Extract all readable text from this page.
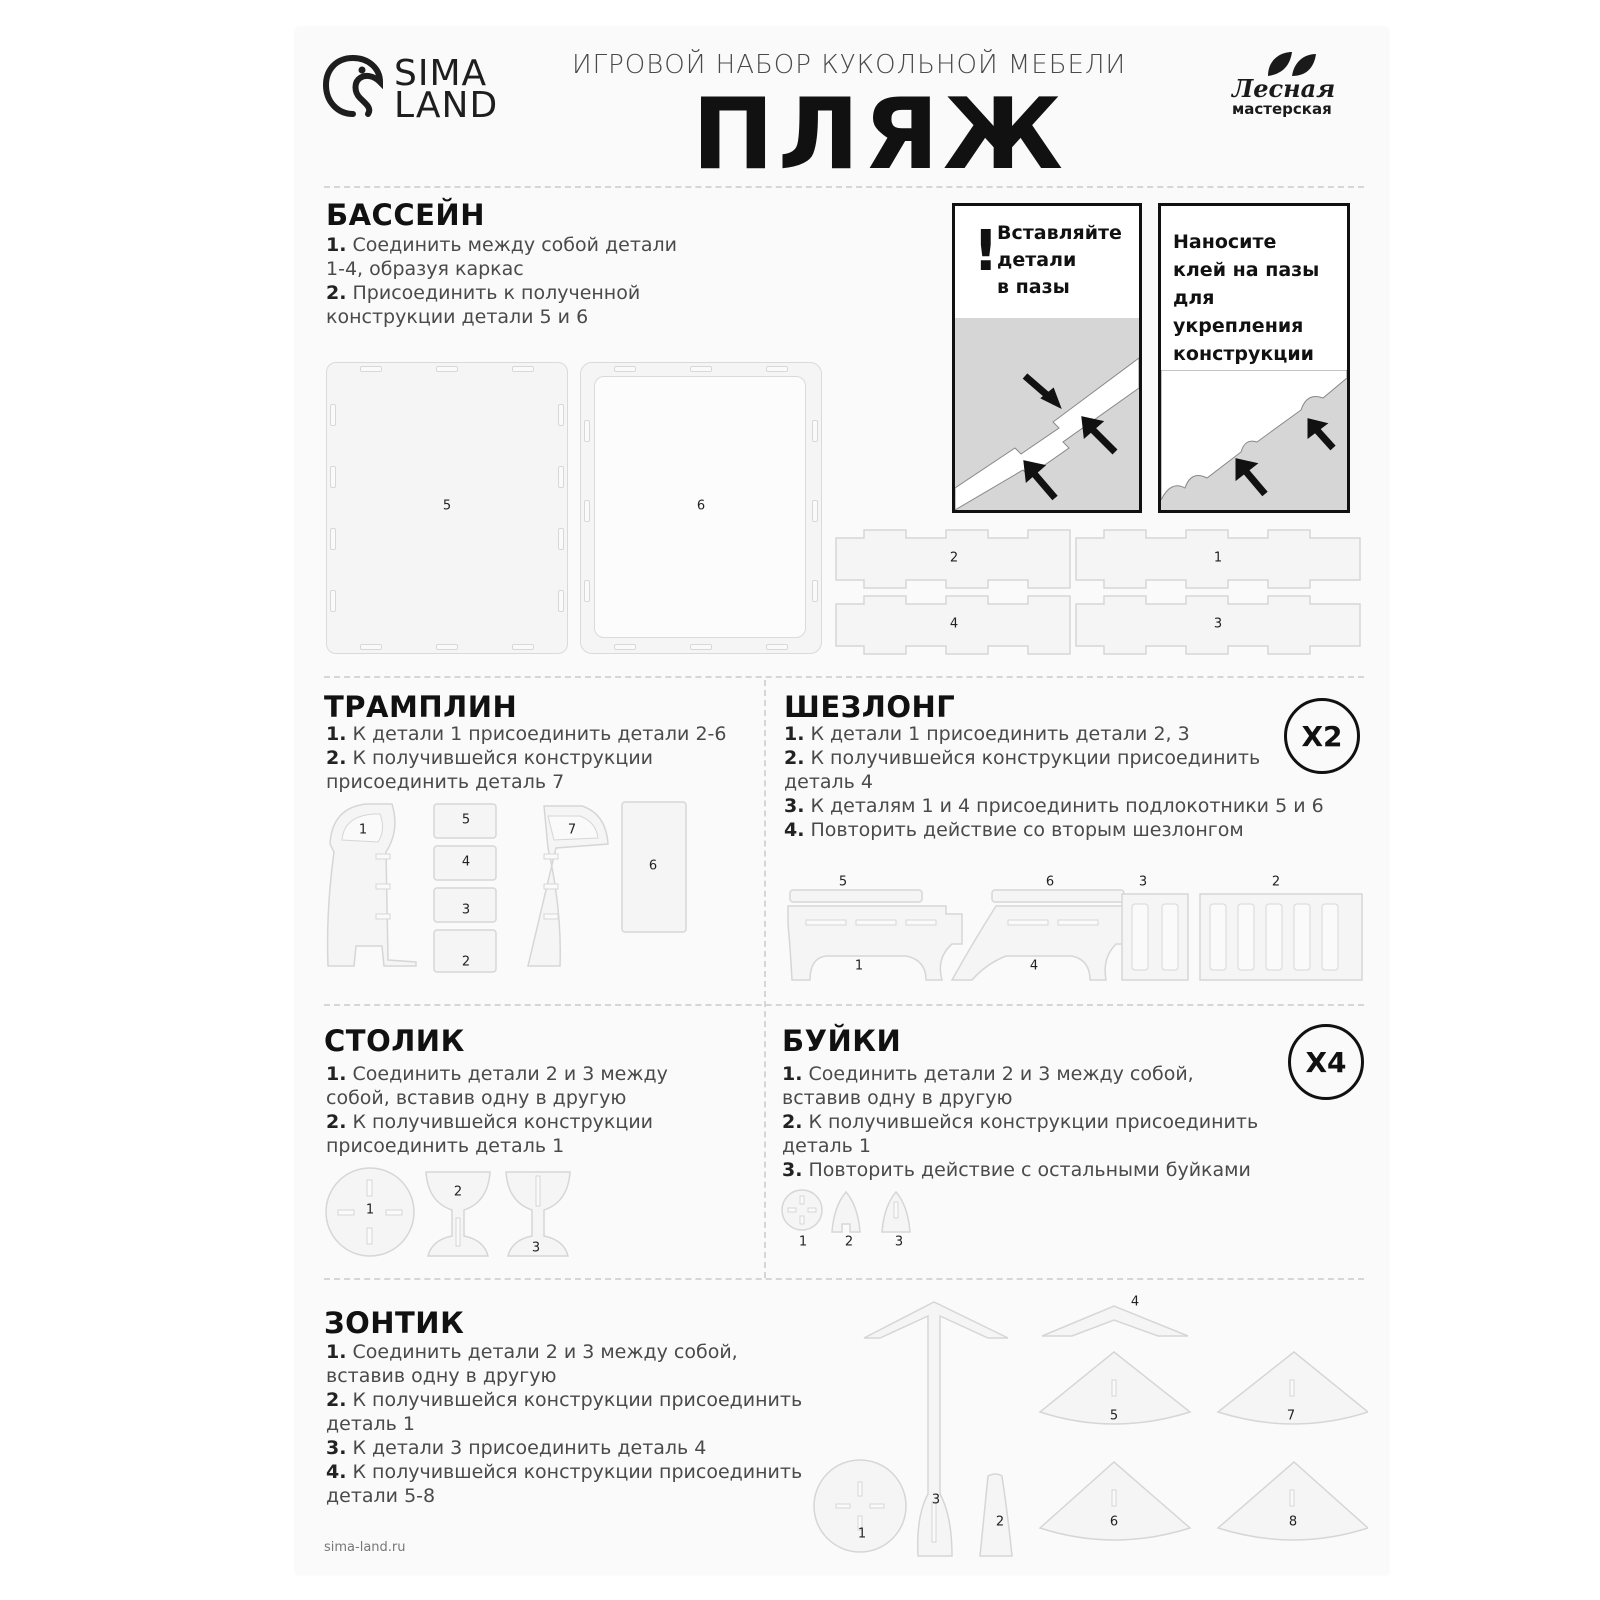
SIMA
LAND
ИГРОВОЙ НАБОР КУКОЛЬНОЙ МЕБЕЛИ
ПЛЯЖ	Лесная
мастерская
БАССЕЙН
1. Соединить между собой детали
1-4, образуя каркас
2. Присоединить к полученной
конструкции детали 5 и 6
!
Вставляйте
детали
в пазы
Наносите
клей на пазы
для укрепления
конструкции
5	6
2	1
4	3
ТРАМПЛИН
1. К детали 1 присоединить детали 2-6
2. К получившейся конструкции
присоединить деталь 7
1
5
4
3
2
7
6
ШЕЗЛОНГ
X2
1. К детали 1 присоединить детали 2, 3
2. К получившейся конструкции присоединить
деталь 4
3. К деталям 1 и 4 присоединить подлокотники 5 и 6
4. Повторить действие со вторым шезлонгом
5	6	3	2
1	4
СТОЛИК
1. Соединить детали 2 и 3 между
собой, вставив одну в другую
2. К получившейся конструкции
присоединить деталь 1
1
2
3
БУЙКИ
X4
1. Соединить детали 2 и 3 между собой,
вставив одну в другую
2. К получившейся конструкции присоединить
деталь 1
3. Повторить действие с остальными буйками
1	2	3
ЗОНТИК
1. Соединить детали 2 и 3 между собой,
вставив одну в другую
2. К получившейся конструкции присоединить
деталь 1
3. К детали 3 присоединить деталь 4
4. К получившейся конструкции присоединить
детали 5-8
4
5	7
3
1
2	6	8
sima-land.ru
